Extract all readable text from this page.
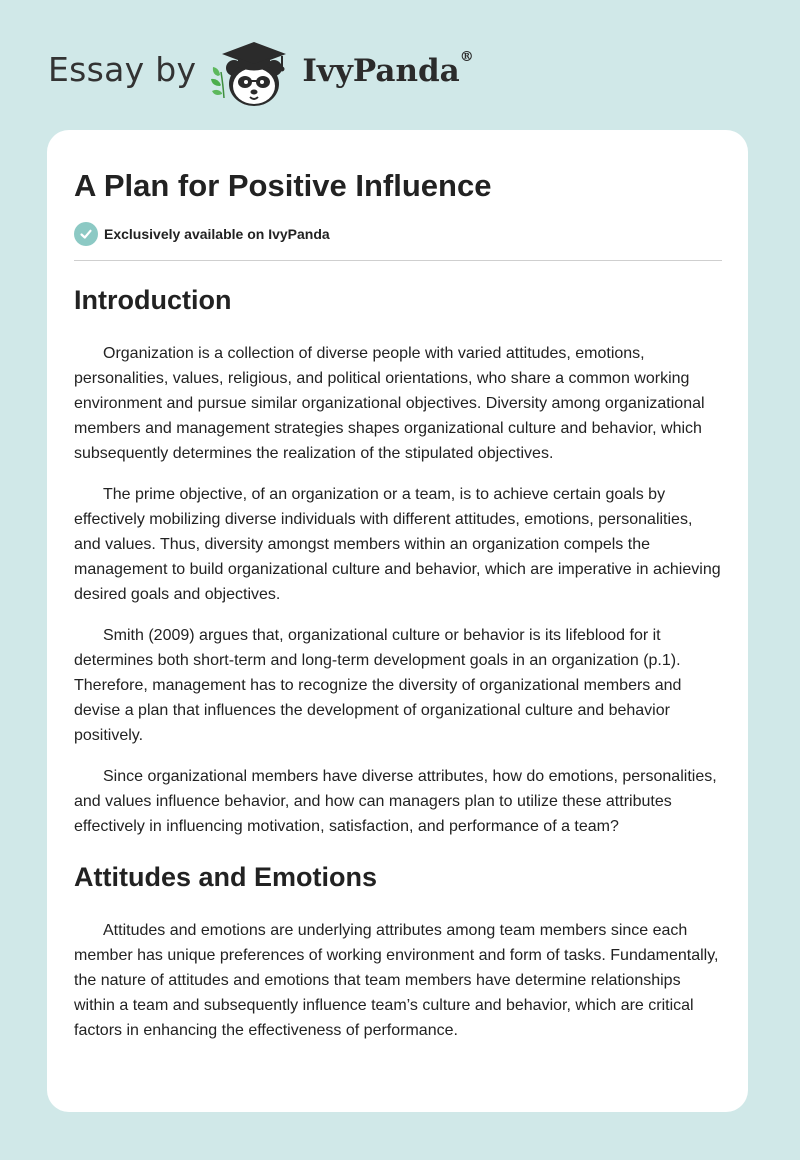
Essay by	IvyPanda®
A Plan for Positive Influence
Exclusively available on IvyPanda
Introduction

Organization is a collection of diverse people with varied attitudes, emotions, personalities, values, religious, and political orientations, who share a common working environment and pursue similar organizational objectives. Diversity among organizational members and management strategies shapes organizational culture and behavior, which subsequently determines the realization of the stipulated objectives.

The prime objective, of an organization or a team, is to achieve certain goals by effectively mobilizing diverse individuals with different attitudes, emotions, personalities, and values. Thus, diversity amongst members within an organization compels the management to build organizational culture and behavior, which are imperative in achieving desired goals and objectives.

Smith (2009) argues that, organizational culture or behavior is its lifeblood for it determines both short-term and long-term development goals in an organization (p.1). Therefore, management has to recognize the diversity of organizational members and devise a plan that influences the development of organizational culture and behavior positively.

Since organizational members have diverse attributes, how do emotions, personalities, and values influence behavior, and how can managers plan to utilize these attributes effectively in influencing motivation, satisfaction, and performance of a team?

Attitudes and Emotions

Attitudes and emotions are underlying attributes among team members since each member has unique preferences of working environment and form of tasks. Fundamentally, the nature of attitudes and emotions that team members have determine relationships within a team and subsequently influence team’s culture and behavior, which are critical factors in enhancing the effectiveness of performance.
